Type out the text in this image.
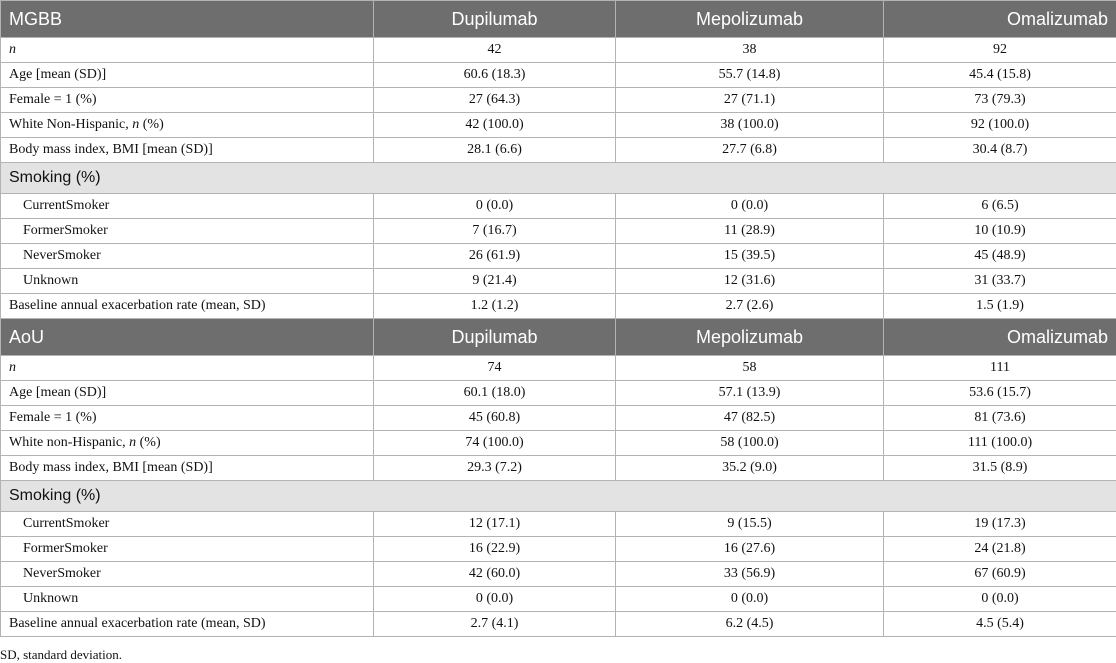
MGBB	Dupilumab	Mepolizumab	Omalizumab
n	42	38	92
Age [mean (SD)]	60.6 (18.3)	55.7 (14.8)	45.4 (15.8)
Female = 1 (%)	27 (64.3)	27 (71.1)	73 (79.3)
White Non-Hispanic, n (%)	42 (100.0)	38 (100.0)	92 (100.0)
Body mass index, BMI [mean (SD)]	28.1 (6.6)	27.7 (6.8)	30.4 (8.7)
Smoking (%)			
CurrentSmoker	0 (0.0)	0 (0.0)	6 (6.5)
FormerSmoker	7 (16.7)	11 (28.9)	10 (10.9)
NeverSmoker	26 (61.9)	15 (39.5)	45 (48.9)
Unknown	9 (21.4)	12 (31.6)	31 (33.7)
Baseline annual exacerbation rate (mean, SD)	1.2 (1.2)	2.7 (2.6)	1.5 (1.9)
AoU	Dupilumab	Mepolizumab	Omalizumab
n	74	58	111
Age [mean (SD)]	60.1 (18.0)	57.1 (13.9)	53.6 (15.7)
Female = 1 (%)	45 (60.8)	47 (82.5)	81 (73.6)
White non-Hispanic, n (%)	74 (100.0)	58 (100.0)	111 (100.0)
Body mass index, BMI [mean (SD)]	29.3 (7.2)	35.2 (9.0)	31.5 (8.9)
Smoking (%)			
CurrentSmoker	12 (17.1)	9 (15.5)	19 (17.3)
FormerSmoker	16 (22.9)	16 (27.6)	24 (21.8)
NeverSmoker	42 (60.0)	33 (56.9)	67 (60.9)
Unknown	0 (0.0)	0 (0.0)	0 (0.0)
Baseline annual exacerbation rate (mean, SD)	2.7 (4.1)	6.2 (4.5)	4.5 (5.4)
SD, standard deviation.
